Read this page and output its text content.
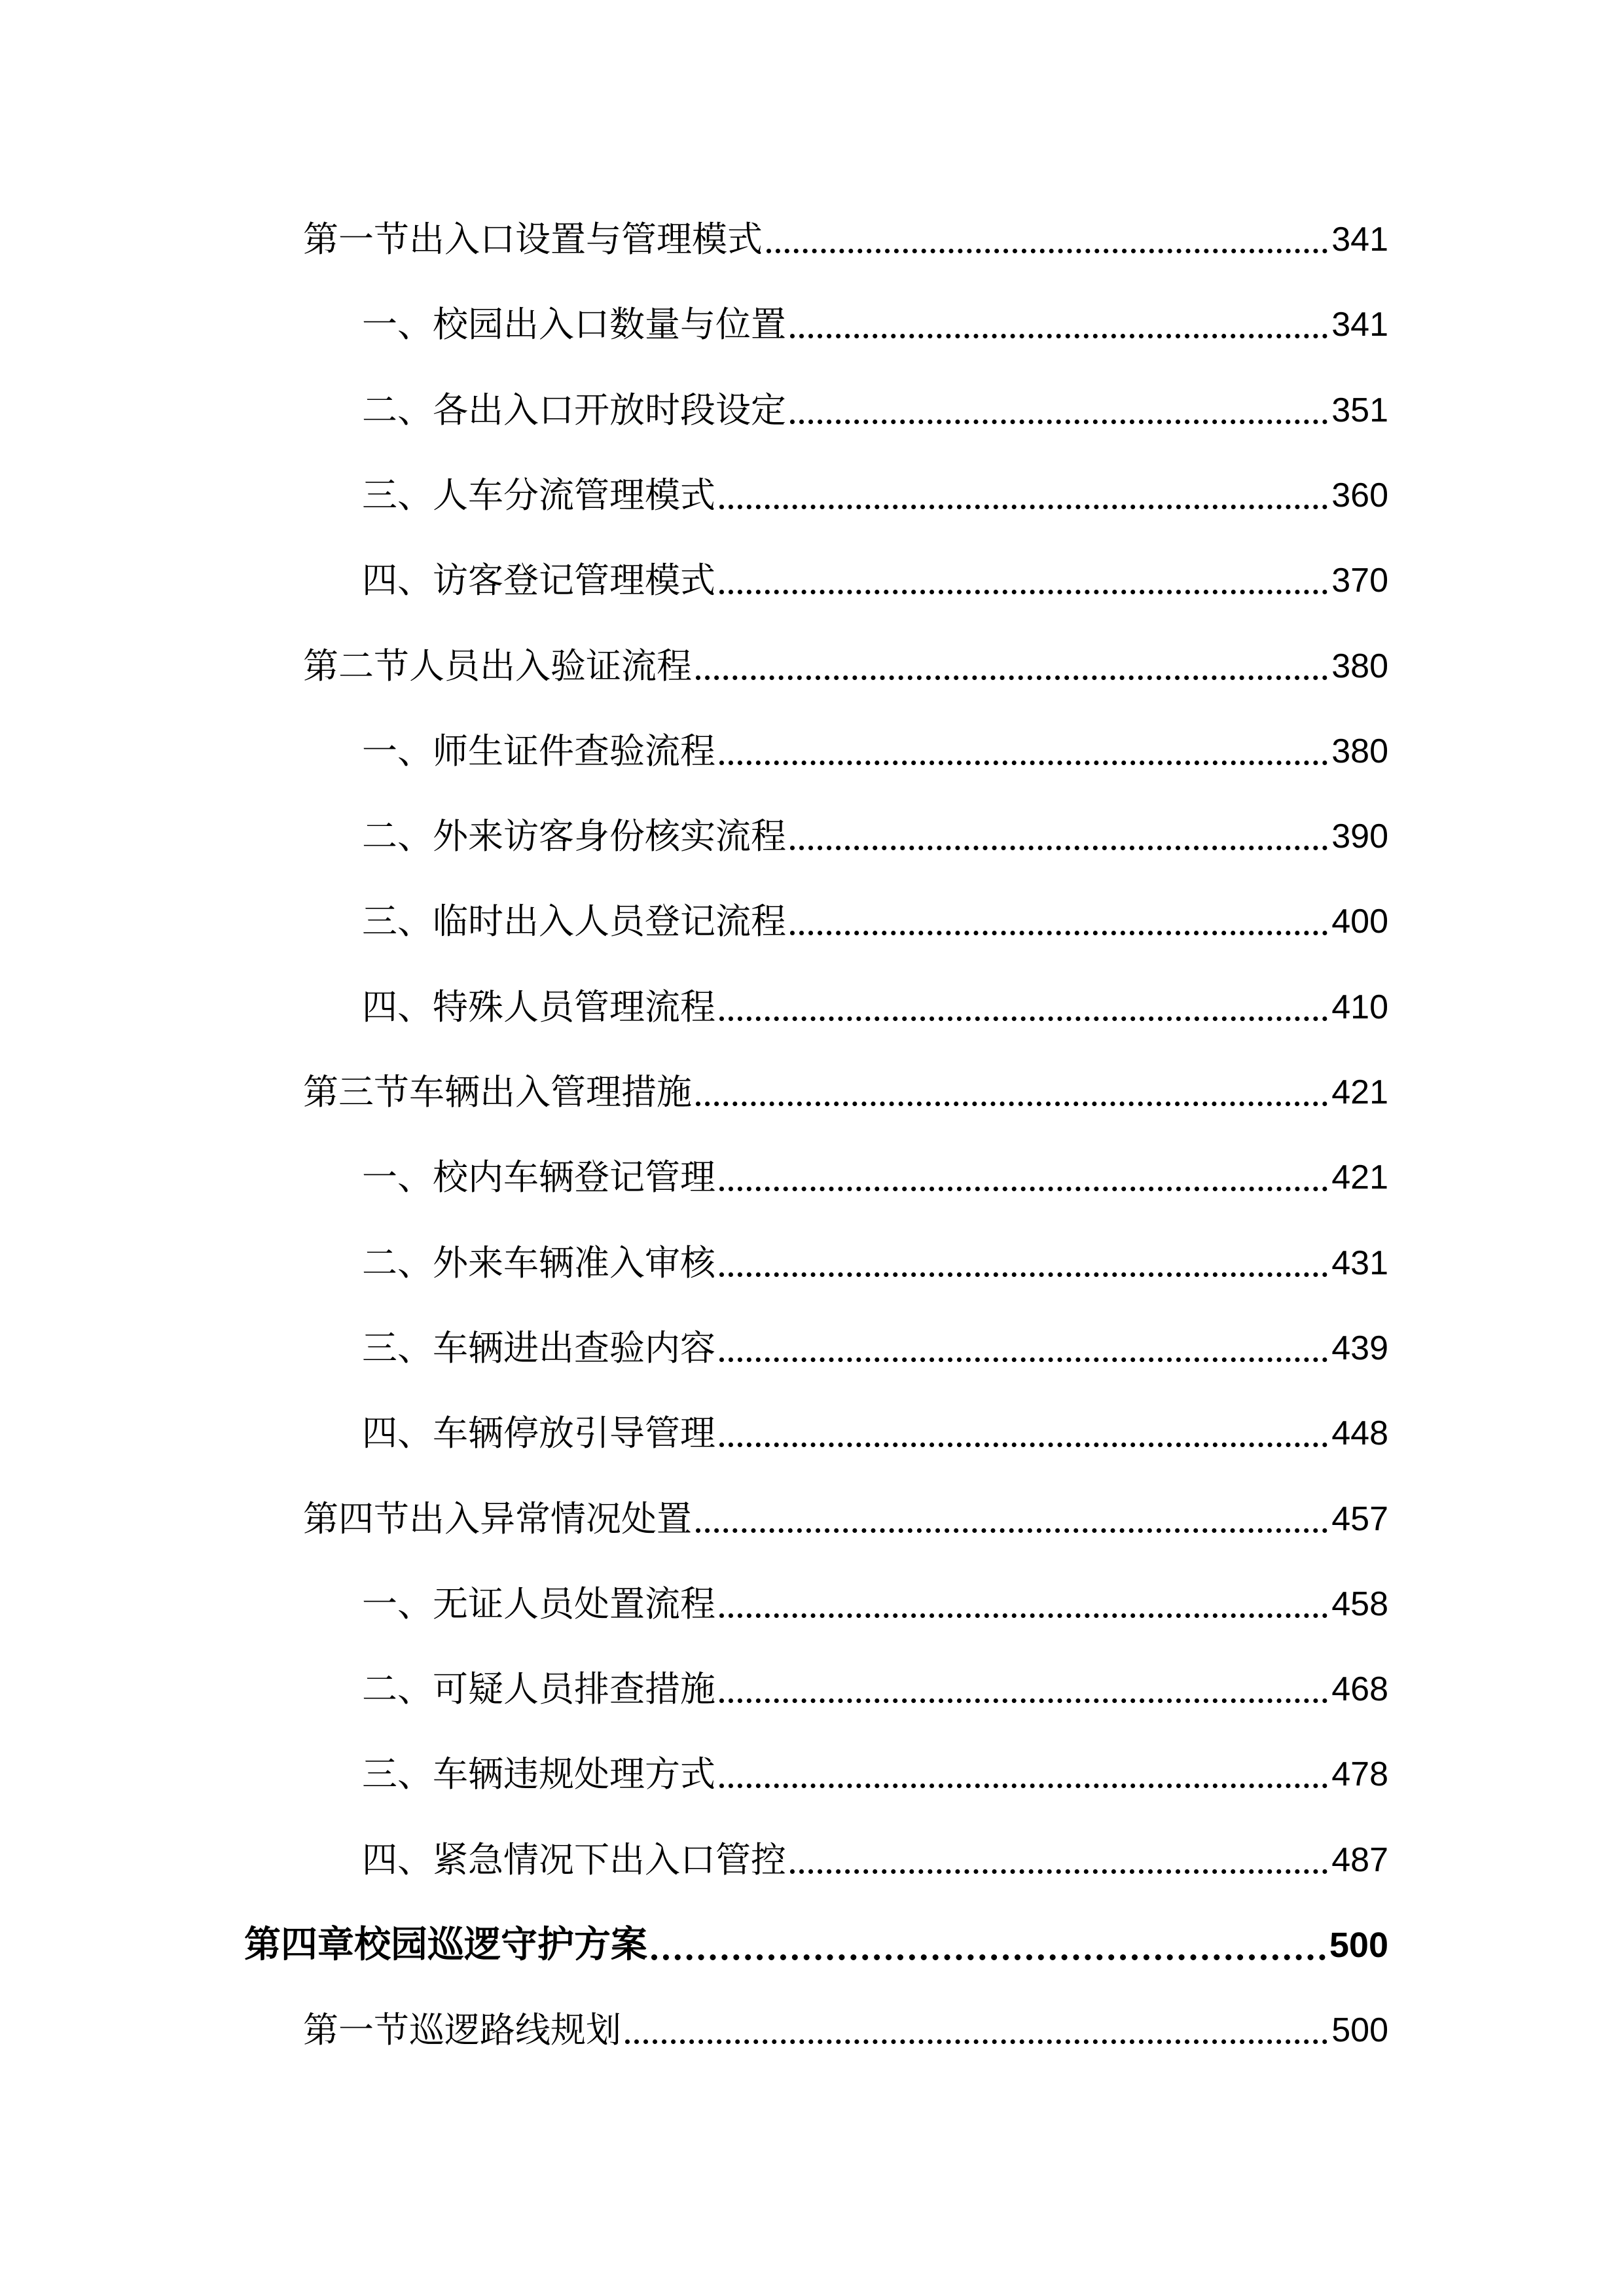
第一节出入口设置与管理模式	341
一、校园出入口数量与位置	341
二、各出入口开放时段设定	351
三、人车分流管理模式	360
四、访客登记管理模式	370
第二节人员出入验证流程	380
一、师生证件查验流程	380
二、外来访客身份核实流程	390
三、临时出入人员登记流程	400
四、特殊人员管理流程	410
第三节车辆出入管理措施	421
一、校内车辆登记管理	421
二、外来车辆准入审核	431
三、车辆进出查验内容	439
四、车辆停放引导管理	448
第四节出入异常情况处置	457
一、无证人员处置流程	458
二、可疑人员排查措施	468
三、车辆违规处理方式	478
四、紧急情况下出入口管控	487
第四章校园巡逻守护方案	500
第一节巡逻路线规划	500
